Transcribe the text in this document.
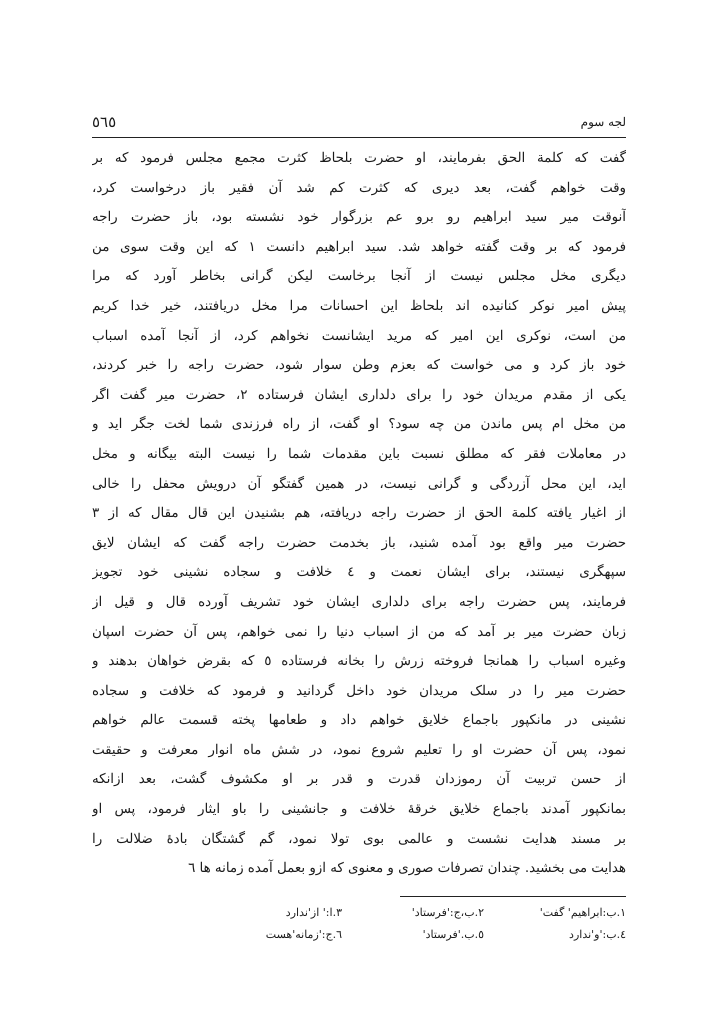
لجه سوم
٥٦٥
گفت که کلمة الحق بفرمایند، او حضرت بلحاظ کثرت مجمع مجلس فرمود که بر
وقت خواهم گفت، بعد دیری که کثرت کم شد آن فقیر باز درخواست کرد،
آنوقت میر سید ابراهیم رو برو عم بزرگوار خود نشسته بود، باز حضرت راجه
فرمود که بر وقت گفته خواهد شد. سید ابراهیم دانست ١ که این وقت سوی من
دیگری مخل مجلس نیست از آنجا برخاست لیکن گرانی بخاطر آورد که مرا
پیش امیر نوکر کنانیده اند بلحاظ این احسانات مرا مخل دریافتند، خیر خدا کریم
من است، نوکری این امیر که مرید ایشانست نخواهم کرد، از آنجا آمده اسباب
خود باز کرد و می خواست که بعزم وطن سوار شود، حضرت راجه را خبر کردند،
یکی از مقدم مریدان خود را برای دلداری ایشان فرستاده ٢، حضرت میر گفت اگر
من مخل ام پس ماندن من چه سود؟ او گفت، از راه فرزندی شما لخت جگر اید و
در معاملات فقر که مطلق نسبت باین مقدمات شما را نیست البته بیگانه و مخل
اید، این محل آزردگی و گرانی نیست، در همین گفتگو آن درویش محفل را خالی
از اغیار یافته کلمة الحق از حضرت راجه دریافته، هم بشنیدن این قال مقال که از ٣
حضرت میر واقع بود آمده شنید، باز بخدمت حضرت راجه گفت که ایشان لایق
سپهگری نیستند، برای ایشان نعمت و ٤ خلافت و سجاده نشینی خود تجویز
فرمایند، پس حضرت راجه برای دلداری ایشان خود تشریف آورده قال و قیل از
زبان حضرت میر بر آمد که من از اسباب دنیا را نمی خواهم، پس آن حضرت اسپان
وغیره اسباب را همانجا فروخته زرش را بخانه فرستاده ٥ که بقرض خواهان بدهند و
حضرت میر را در سلک مریدان خود داخل گردانید و فرمود که خلافت و سجاده
نشینی در مانکپور باجماع خلایق خواهم داد و طعامها پخته قسمت عالم خواهم
نمود، پس آن حضرت او را تعلیم شروع نمود، در شش ماه انوار معرفت و حقیقت
از حسن تربیت آن رموزدان قدرت و قدر بر او مکشوف گشت، بعد ازانکه
بمانکپور آمدند باجماع خلایق خرقهٔ خلافت و جانشینی را باو ایثار فرمود، پس او
بر مسند هدایت نشست و عالمی بوی تولا نمود، گم گشتگان بادهٔ ضلالت را
هدایت می بخشید. چندان تصرفات صوری و معنوی که ازو بعمل آمده زمانه ها ٦
١.ب:ابراهیم' گفت'
٢.ب،ج:'فرستاد'
٣.ا:' از'ندارد
٤.ب:'و'ندارد
٥.ب.'فرستاد'
٦.ج:'زمانه'هست
